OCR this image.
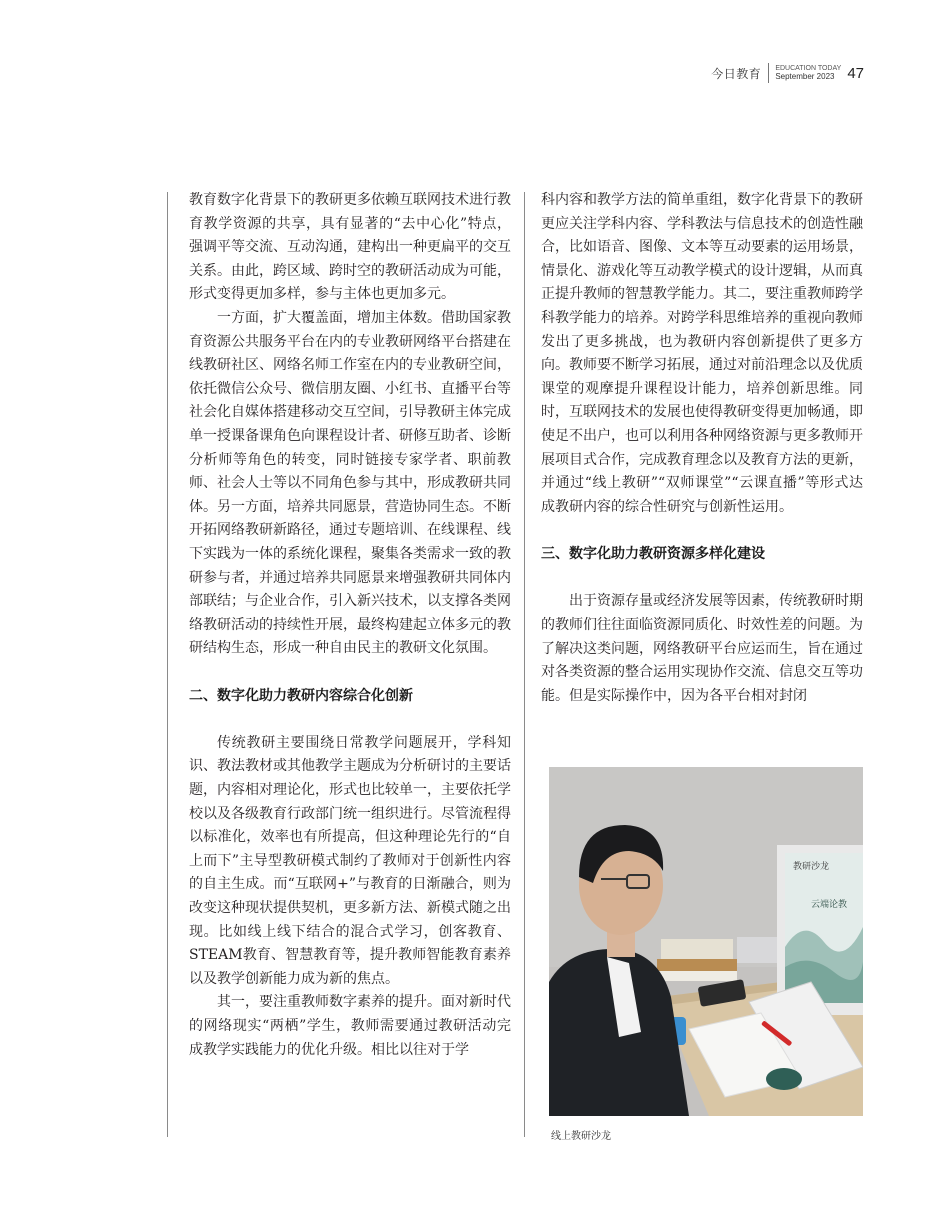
今日教育 EDUCATION TODAY
September 2023 47

教育数字化背景下的教研更多依赖互联网技术进行教育教学资源的共享，具有显著的“去中心化”特点，强调平等交流、互动沟通，建构出一种更扁平的交互关系。由此，跨区域、跨时空的教研活动成为可能，形式变得更加多样，参与主体也更加多元。

一方面，扩大覆盖面，增加主体数。借助国家教育资源公共服务平台在内的专业教研网络平台搭建在线教研社区、网络名师工作室在内的专业教研空间，依托微信公众号、微信朋友圈、小红书、直播平台等社会化自媒体搭建移动交互空间，引导教研主体完成单一授课备课角色向课程设计者、研修互助者、诊断分析师等角色的转变，同时链接专家学者、职前教师、社会人士等以不同角色参与其中，形成教研共同体。另一方面，培养共同愿景，营造协同生态。不断开拓网络教研新路径，通过专题培训、在线课程、线下实践为一体的系统化课程，聚集各类需求一致的教研参与者，并通过培养共同愿景来增强教研共同体内部联结；与企业合作，引入新兴技术，以支撑各类网络教研活动的持续性开展，最终构建起立体多元的教研结构生态，形成一种自由民主的教研文化氛围。

二、数字化助力教研内容综合化创新

传统教研主要围绕日常教学问题展开，学科知识、教法教材或其他教学主题成为分析研讨的主要话题，内容相对理论化，形式也比较单一，主要依托学校以及各级教育行政部门统一组织进行。尽管流程得以标准化，效率也有所提高，但这种理论先行的“自上而下”主导型教研模式制约了教师对于创新性内容的自主生成。而“互联网+”与教育的日渐融合，则为改变这种现状提供契机，更多新方法、新模式随之出现。比如线上线下结合的混合式学习，创客教育、STEAM教育、智慧教育等，提升教师智能教育素养以及教学创新能力成为新的焦点。

其一，要注重教师数字素养的提升。面对新时代的网络现实“两栖”学生，教师需要通过教研活动完成教学实践能力的优化升级。相比以往对于学

科内容和教学方法的简单重组，数字化背景下的教研更应关注学科内容、学科教法与信息技术的创造性融合，比如语音、图像、文本等互动要素的运用场景，情景化、游戏化等互动教学模式的设计逻辑，从而真正提升教师的智慧教学能力。其二，要注重教师跨学科教学能力的培养。对跨学科思维培养的重视向教师发出了更多挑战，也为教研内容创新提供了更多方向。教师要不断学习拓展，通过对前沿理念以及优质课堂的观摩提升课程设计能力，培养创新思维。同时，互联网技术的发展也使得教研变得更加畅通，即使足不出户，也可以利用各种网络资源与更多教师开展项目式合作，完成教育理念以及教育方法的更新，并通过“线上教研”“双师课堂”“云课直播”等形式达成教研内容的综合性研究与创新性运用。

三、数字化助力教研资源多样化建设

出于资源存量或经济发展等因素，传统教研时期的教师们往往面临资源同质化、时效性差的问题。为了解决这类问题，网络教研平台应运而生，旨在通过对各类资源的整合运用实现协作交流、信息交互等功能。但是实际操作中，因为各平台相对封闭

教研沙龙
云端论教
线上教研沙龙
